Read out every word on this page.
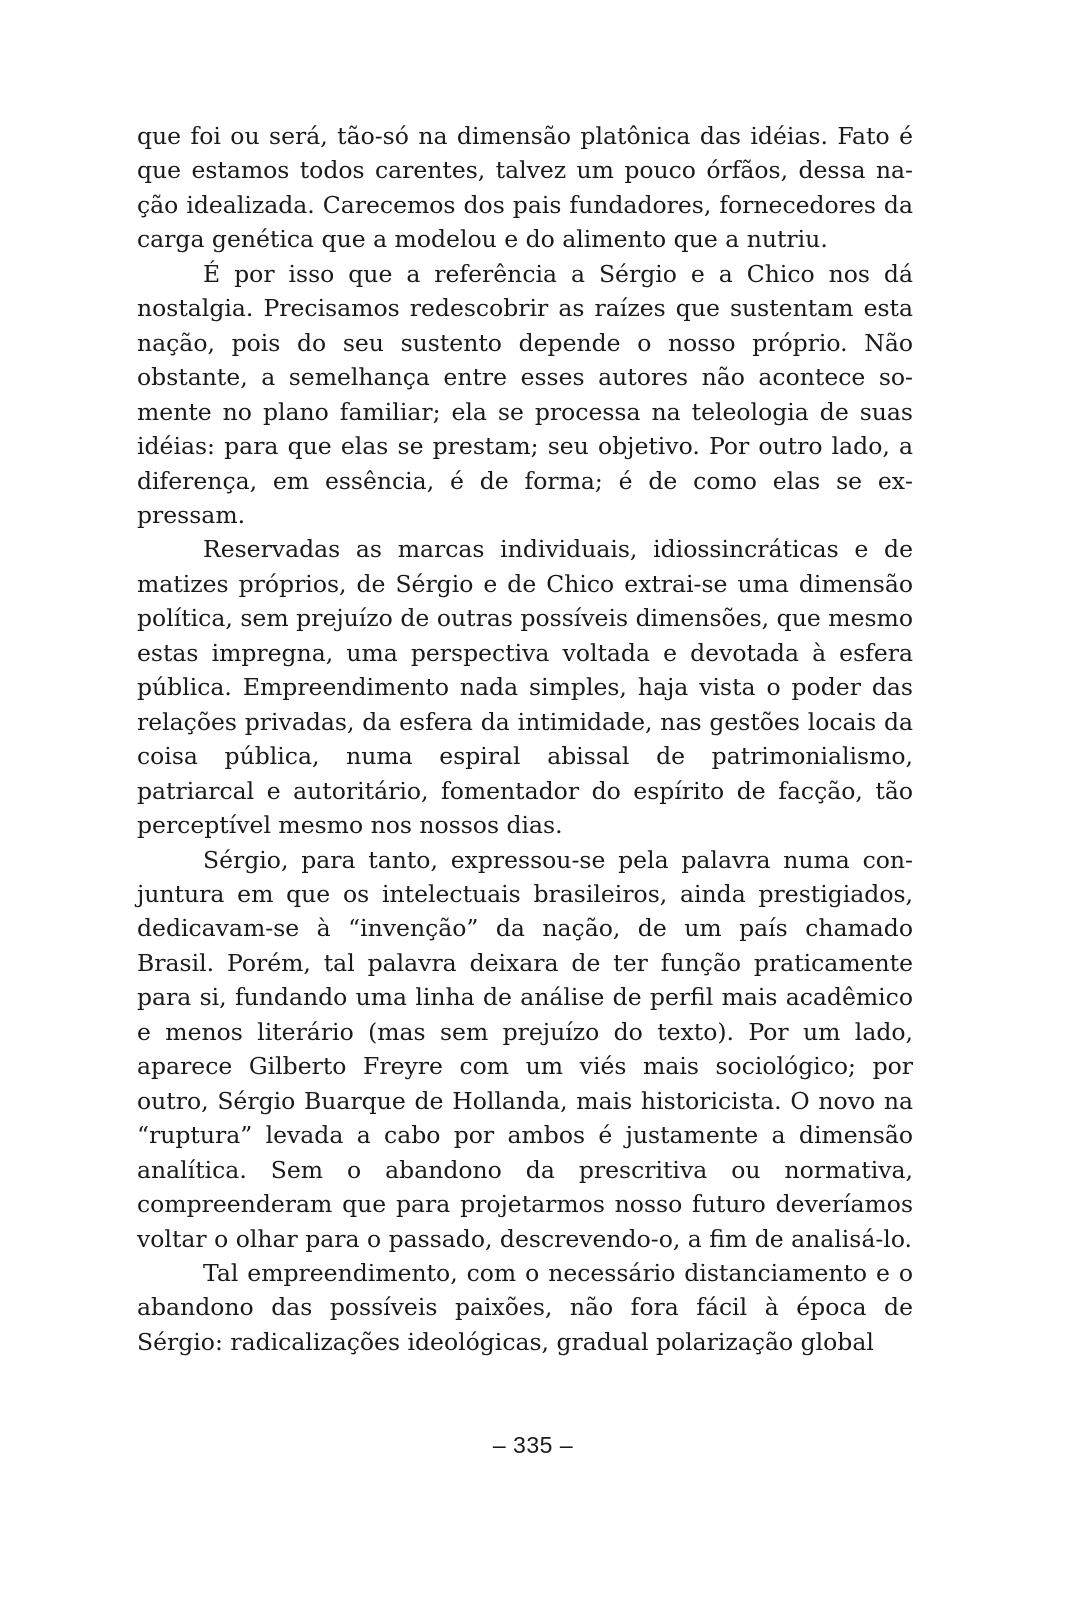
que foi ou será, tão-só na dimensão platônica das idéias. Fato é que estamos todos carentes, talvez um pouco órfãos, dessa nação idealizada. Carecemos dos pais fundadores, fornecedores da carga genética que a modelou e do alimento que a nutriu.

É por isso que a referência a Sérgio e a Chico nos dá nostalgia. Precisamos redescobrir as raízes que sustentam esta nação, pois do seu sustento depende o nosso próprio. Não obstante, a semelhança entre esses autores não acontece somente no plano familiar; ela se processa na teleologia de suas idéias: para que elas se prestam; seu objetivo. Por outro lado, a diferença, em essência, é de forma; é de como elas se expressam.

Reservadas as marcas individuais, idiossincráticas e de matizes próprios, de Sérgio e de Chico extrai-se uma dimensão política, sem prejuízo de outras possíveis dimensões, que mesmo estas impregna, uma perspectiva voltada e devotada à esfera pública. Empreendimento nada simples, haja vista o poder das relações privadas, da esfera da intimidade, nas gestões locais da coisa pública, numa espiral abissal de patrimonialismo, patriarcal e autoritário, fomentador do espírito de facção, tão perceptível mesmo nos nossos dias.

Sérgio, para tanto, expressou-se pela palavra numa conjuntura em que os intelectuais brasileiros, ainda prestigiados, dedicavam-se à “invenção” da nação, de um país chamado Brasil. Porém, tal palavra deixara de ter função praticamente para si, fundando uma linha de análise de perfil mais acadêmico e menos literário (mas sem prejuízo do texto). Por um lado, aparece Gilberto Freyre com um viés mais sociológico; por outro, Sérgio Buarque de Hollanda, mais historicista. O novo na “ruptura” levada a cabo por ambos é justamente a dimensão analítica. Sem o abandono da prescritiva ou normativa, compreenderam que para projetarmos nosso futuro deveríamos voltar o olhar para o passado, descrevendo-o, a fim de analisá-lo.

Tal empreendimento, com o necessário distanciamento e o abandono das possíveis paixões, não fora fácil à época de Sérgio: radicalizações ideológicas, gradual polarização global

– 335 –
